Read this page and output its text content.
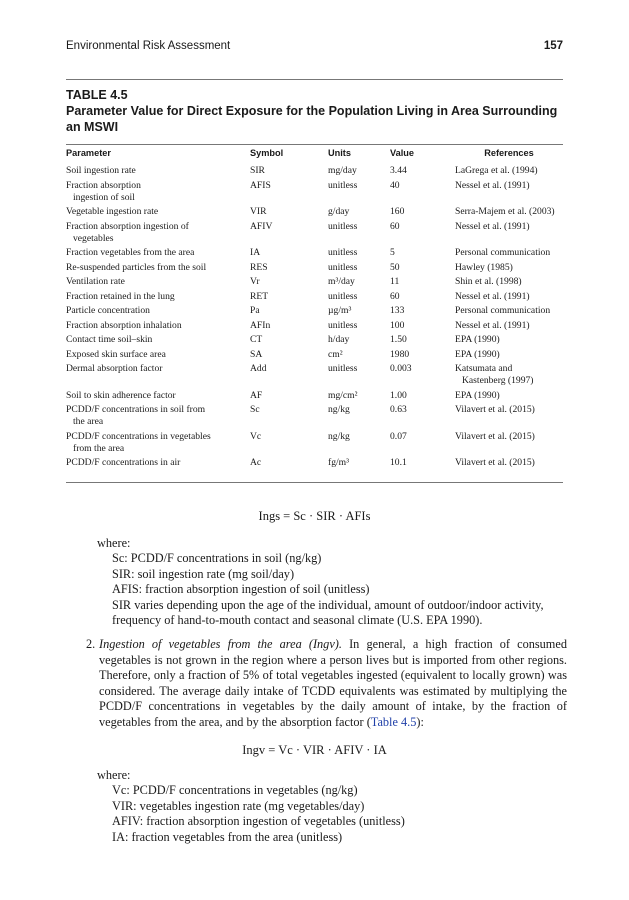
Environmental Risk Assessment	157
TABLE 4.5
Parameter Value for Direct Exposure for the Population Living in Area Surrounding an MSWI
Parameter	Symbol	Units	Value	References

Soil ingestion rate	SIR	mg/day	3.44	LaGrega et al. (1994)

Fraction absorption
ingestion of soil	AFIS	unitless	40	Nessel et al. (1991)

Vegetable ingestion rate	VIR	g/day	160	Serra-Majem et al. (2003)

Fraction absorption ingestion of
vegetables	AFIV	unitless	60	Nessel et al. (1991)

Fraction vegetables from the area	IA	unitless	5	Personal communication

Re-suspended particles from the soil	RES	unitless	50	Hawley (1985)

Ventilation rate	Vr	m³/day	11	Shin et al. (1998)

Fraction retained in the lung	RET	unitless	60	Nessel et al. (1991)

Particle concentration	Pa	µg/m³	133	Personal communication

Fraction absorption inhalation	AFIn	unitless	100	Nessel et al. (1991)

Contact time soil–skin	CT	h/day	1.50	EPA (1990)

Exposed skin surface area	SA	cm²	1980	EPA (1990)

Dermal absorption factor	Add	unitless	0.003	Katsumata and
Kastenberg (1997)

Soil to skin adherence factor	AF	mg/cm²	1.00	EPA (1990)

PCDD/F concentrations in soil from
the area	Sc	ng/kg	0.63	Vilavert et al. (2015)

PCDD/F concentrations in vegetables
from the area	Vc	ng/kg	0.07	Vilavert et al. (2015)

PCDD/F concentrations in air	Ac	fg/m³	10.1	Vilavert et al. (2015)
Ings = Sc · SIR · AFIs
where:
Sc: PCDD/F concentrations in soil (ng/kg)
SIR: soil ingestion rate (mg soil/day)
AFIS: fraction absorption ingestion of soil (unitless)
SIR varies depending upon the age of the individual, amount of outdoor/indoor activity, frequency of hand-to-mouth contact and seasonal climate (U.S. EPA 1990).
2. Ingestion of vegetables from the area (Ingv). In general, a high fraction of consumed vegetables is not grown in the region where a person lives but is imported from other regions. Therefore, only a fraction of 5% of total vegetables ingested (equivalent to locally grown) was considered. The average daily intake of TCDD equivalents was estimated by multiplying the PCDD/F concentrations in vegetables by the daily amount of intake, by the fraction of vegetables from the area, and by the absorption factor (Table 4.5):
Ingv = Vc · VIR · AFIV · IA
where:
Vc: PCDD/F concentrations in vegetables (ng/kg)
VIR: vegetables ingestion rate (mg vegetables/day)
AFIV: fraction absorption ingestion of vegetables (unitless)
IA: fraction vegetables from the area (unitless)
